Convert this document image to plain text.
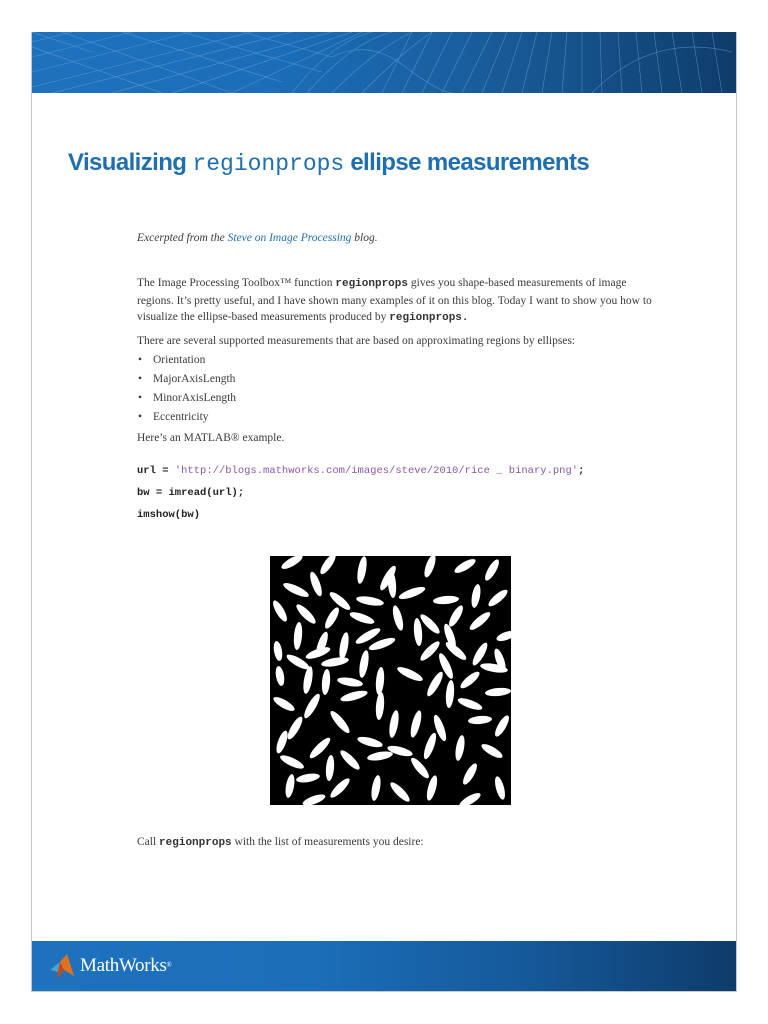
Visualizing regionprops ellipse measurements

Excerpted from the Steve on Image Processing blog.

The Image Processing Toolbox™ function regionprops gives you shape-based measurements of image regions. It’s pretty useful, and I have shown many examples of it on this blog. Today I want to show you how to visualize the ellipse-based measurements produced by regionprops.

There are several supported measurements that are based on approximating regions by ellipses:

• Orientation
• MajorAxisLength
• MinorAxisLength
• Eccentricity

Here’s an MATLAB® example.

url = 'http://blogs.mathworks.com/images/steve/2010/rice _ binary.png';
bw = imread(url);
imshow(bw)

Call regionprops with the list of measurements you desire:

MathWorks®
